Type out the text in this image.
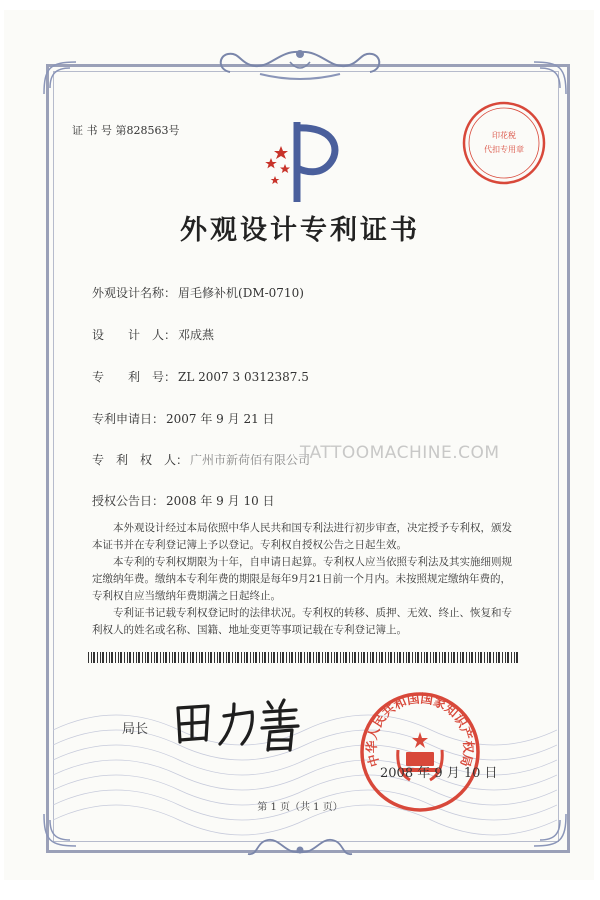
证 书 号 第828563号	印花税
代扣专用章
外观设计专利证书
外观设计名称： 眉毛修补机(DM-0710)
设　　计　人： 邓成燕
专　　利　号： ZL 2007 3 0312387.5
专利申请日： 2007 年 9 月 21 日
专　利　权　人： 广州市新荷佰有限公司
授权公告日： 2008 年 9 月 10 日
TATTOOMACHINE.COM

本外观设计经过本局依照中华人民共和国专利法进行初步审查，决定授予专利权，颁发本证书并在专利登记簿上予以登记。专利权自授权公告之日起生效。

本专利的专利权期限为十年，自申请日起算。专利权人应当依照专利法及其实施细则规定缴纳年费。缴纳本专利年费的期限是每年9月21日前一个月内。未按照规定缴纳年费的，专利权自应当缴纳年费期满之日起终止。

专利证书记载专利权登记时的法律状况。专利权的转移、质押、无效、终止、恢复和专利权人的姓名或名称、国籍、地址变更等事项记载在专利登记簿上。

局长
中华人民共和国国家知识产权局
2008 年 9 月 10 日
第 1 页（共 1 页）
